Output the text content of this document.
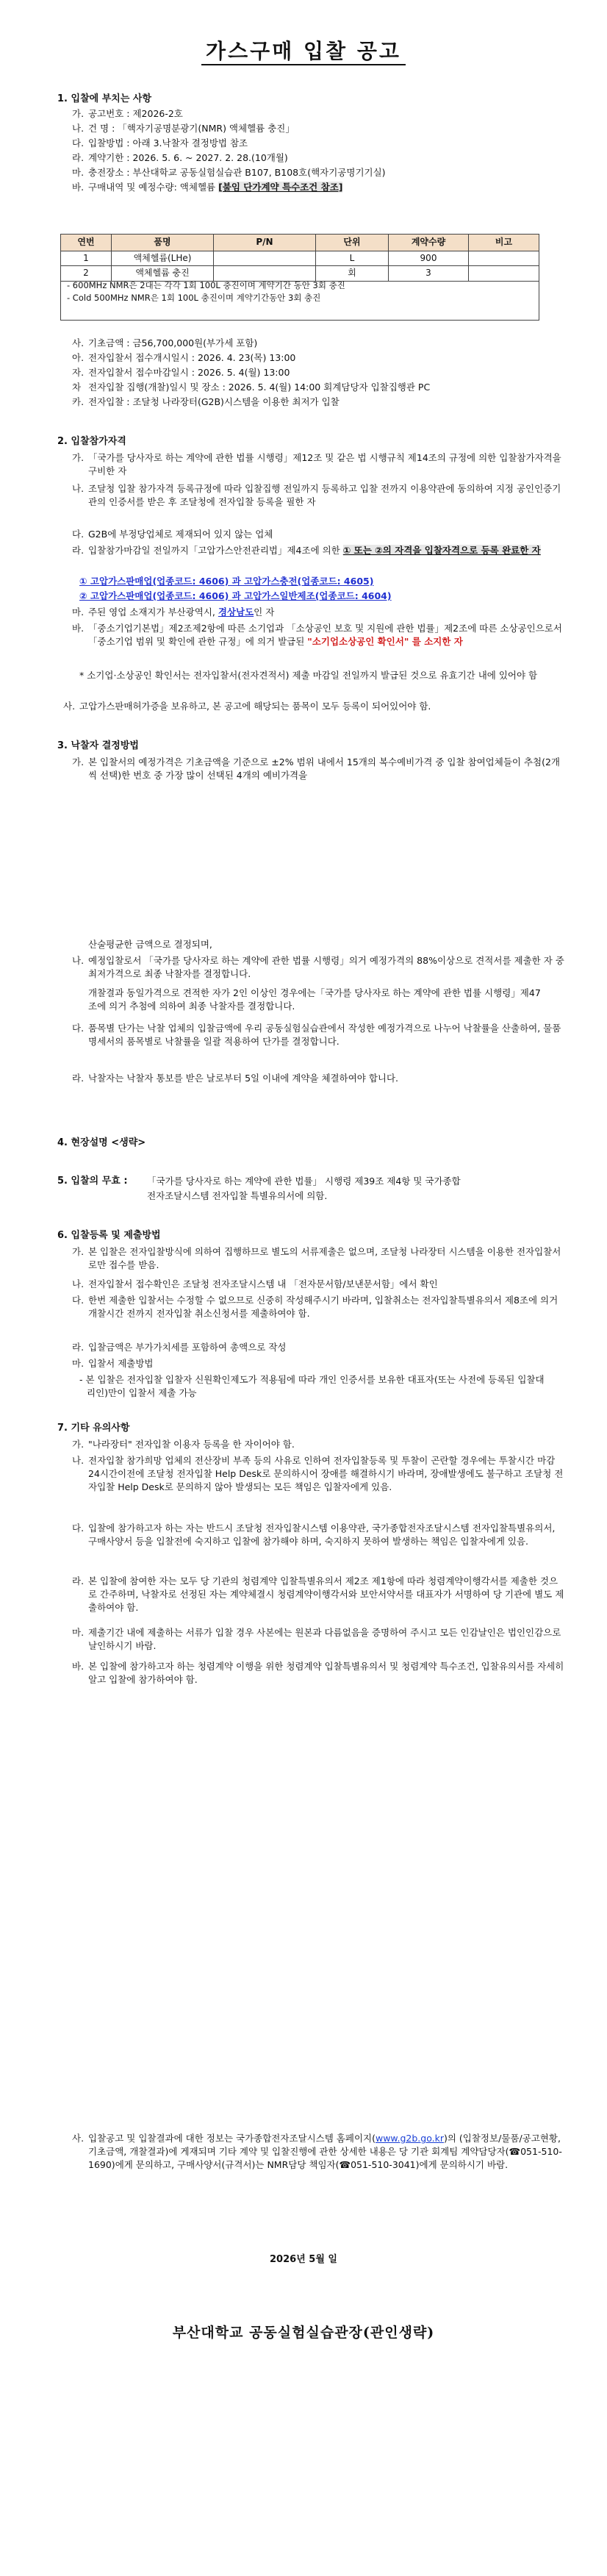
가스구매 입찰 공고
1. 입찰에 부치는 사항
가. 공고번호 : 제2026-2호
나. 건 명 : 「핵자기공명분광기(NMR) 액체헬륨 충진」
다. 입찰방법 : 아래 3.낙찰자 결정방법 참조
라. 계약기한 : 2026. 5. 6. ~ 2027. 2. 28.(10개월)
마. 충전장소 : 부산대학교 공동실험실습관 B107, B108호(핵자기공명기기실)
바. 구매내역 및 예정수량: 액체헬륨 [불임 단가계약 특수조건 참조]
연번	품명	P/N	단위	계약수량	비고
1	액체헬륨(LHe)		L	900	
2	액체헬륨 충진		회	3	
- 600MHz NMR은 2대는 각각 1회 100L 충진이며 계약기간 동안 3회 충진
- Cold 500MHz NMR은 1회 100L 충진이며 계약기간동안 3회 충진
사. 기초금액 : 금56,700,000원(부가세 포함)
아. 전자입찰서 접수개시일시 : 2026. 4. 23(목) 13:00
자. 전자입찰서 접수마감일시 : 2026. 5. 4(월) 13:00
차 전자입찰 집행(개찰)일시 및 장소 : 2026. 5. 4(월) 14:00 회계담당자 입찰집행관 PC
카. 전자입찰 : 조달청 나라장터(G2B)시스템을 이용한 최저가 입찰
2. 입찰참가자격
가. 「국가를 당사자로 하는 계약에 관한 법률 시행령」제12조 및 같은 법 시행규칙 제14조의 규정에 의한 입찰참가자격을 구비한 자
나. 조달청 입찰 참가자격 등록규정에 따라 입찰집행 전일까지 등록하고 입찰 전까지 이용약관에 동의하여 지정 공인인증기관의 인증서를 받은 후 조달청에 전자입찰 등록을 필한 자
다. G2B에 부정당업체로 제재되어 있지 않는 업체
라. 입찰참가마감일 전일까지「고압가스안전관리법」제4조에 의한 ① 또는 ②의 자격을 입찰자격으로 등록 완료한 자
① 고압가스판매업(업종코드: 4606) 과 고압가스충전(업종코드: 4605)
② 고압가스판매업(업종코드: 4606) 과 고압가스일반제조(업종코드: 4604)
마. 주된 영업 소재지가 부산광역시, 경상남도인 자
바. 「중소기업기본법」제2조제2항에 따른 소기업과 「소상공인 보호 및 지원에 관한 법률」제2조에 따른 소상공인으로서 「중소기업 범위 및 확인에 관한 규정」에 의거 발급된 "소기업소상공인 확인서" 를 소지한 자
* 소기업·소상공인 확인서는 전자입찰서(전자견적서) 제출 마감일 전일까지 발급된 것으로 유효기간 내에 있어야 함
사. 고압가스판매허가증을 보유하고, 본 공고에 해당되는 품목이 모두 등록이 되어있어야 함.
3. 낙찰자 결정방법
가. 본 입찰서의 예정가격은 기초금액을 기준으로 ±2% 범위 내에서 15개의 복수예비가격 중 입찰 참여업체들이 추첨(2개씩 선택)한 번호 중 가장 많이 선택된 4개의 예비가격을
산술평균한 금액으로 결정되며,
나. 예정입찰로서 「국가를 당사자로 하는 계약에 관한 법률 시행령」의거 예정가격의 88%이상으로 견적서를 제출한 자 중 최저가격으로 최종 낙찰자를 결정합니다.
개찰결과 동일가격으로 견적한 자가 2인 이상인 경우에는「국가를 당사자로 하는 계약에 관한 법률 시행령」제47조에 의거 추첨에 의하여 최종 낙찰자를 결정합니다.
다. 품목별 단가는 낙찰 업체의 입찰금액에 우리 공동실험실습관에서 작성한 예정가격으로 나누어 낙찰률을 산출하여, 물품명세서의 품목별로 낙찰률을 일괄 적용하여 단가를 결정합니다.
라. 낙찰자는 낙찰자 통보를 받은 날로부터 5일 이내에 계약을 체결하여야 합니다.
4. 현장설명 <생략>
5. 입찰의 무효 : 「국가를 당사자로 하는 계약에 관한 법률」 시행령 제39조 제4항 및 국가종합
전자조달시스템 전자입찰 특별유의서에 의함.
6. 입찰등록 및 제출방법
가. 본 입찰은 전자입찰방식에 의하여 집행하므로 별도의 서류제출은 없으며, 조달청 나라장터 시스템을 이용한 전자입찰서로만 접수를 받음.
나. 전자입찰서 접수확인은 조달청 전자조달시스템 내 「전자문서함/보낸문서함」에서 확인
다. 한번 제출한 입찰서는 수정할 수 없으므로 신중히 작성해주시기 바라며, 입찰취소는 전자입찰특별유의서 제8조에 의거 개찰시간 전까지 전자입찰 취소신청서를 제출하여야 함.
라. 입찰금액은 부가가치세를 포함하여 총액으로 작성
마. 입찰서 제출방법
- 본 입찰은 전자입찰 입찰자 신원확인제도가 적용됨에 따라 개인 인증서를 보유한 대표자(또는 사전에 등록된 입찰대리인)만이 입찰서 제출 가능
7. 기타 유의사항
가. "나라장터" 전자입찰 이용자 등록을 한 자이어야 함.
나. 전자입찰 참가희망 업체의 전산장비 부족 등의 사유로 인하여 전자입찰등록 및 투찰이 곤란할 경우에는 투찰시간 마감 24시간이전에 조달청 전자입찰 Help Desk로 문의하시어 장애를 해결하시기 바라며, 장애발생에도 불구하고 조달청 전자입찰 Help Desk로 문의하지 않아 발생되는 모든 책임은 입찰자에게 있음.
다. 입찰에 참가하고자 하는 자는 반드시 조달청 전자입찰시스템 이용약관, 국가종합전자조달시스템 전자입찰특별유의서, 구매사양서 등을 입찰전에 숙지하고 입찰에 참가해야 하며, 숙지하지 못하여 발생하는 책임은 입찰자에게 있음.
라. 본 입찰에 참여한 자는 모두 당 기관의 청렴계약 입찰특별유의서 제2조 제1항에 따라 청렴계약이행각서를 제출한 것으로 간주하며, 낙찰자로 선정된 자는 계약체결시 청렴계약이행각서와 보안서약서를 대표자가 서명하여 당 기관에 별도 제출하여야 함.
마. 제출기간 내에 제출하는 서류가 입찰 경우 사본에는 원본과 다름없음을 증명하여 주시고 모든 인감날인은 법인인감으로 날인하시기 바람.
바. 본 입찰에 참가하고자 하는 청렴계약 이행을 위한 청렴계약 입찰특별유의서 및 청렴계약 특수조건, 입찰유의서를 자세히 알고 입찰에 참가하여야 함.
사. 입찰공고 및 입찰결과에 대한 정보는 국가종합전자조달시스템 홈페이지(www.g2b.go.kr)의 (입찰정보/물품/공고현황, 기초금액, 개찰결과)에 게재되며 기타 계약 및 입찰진행에 관한 상세한 내용은 당 기관 회계팀 계약담당자(☎051-510-1690)에게 문의하고, 구매사양서(규격서)는 NMR담당 책임자(☎051-510-3041)에게 문의하시기 바람.
2026년 5월 일
부산대학교 공동실험실습관장(관인생략)
